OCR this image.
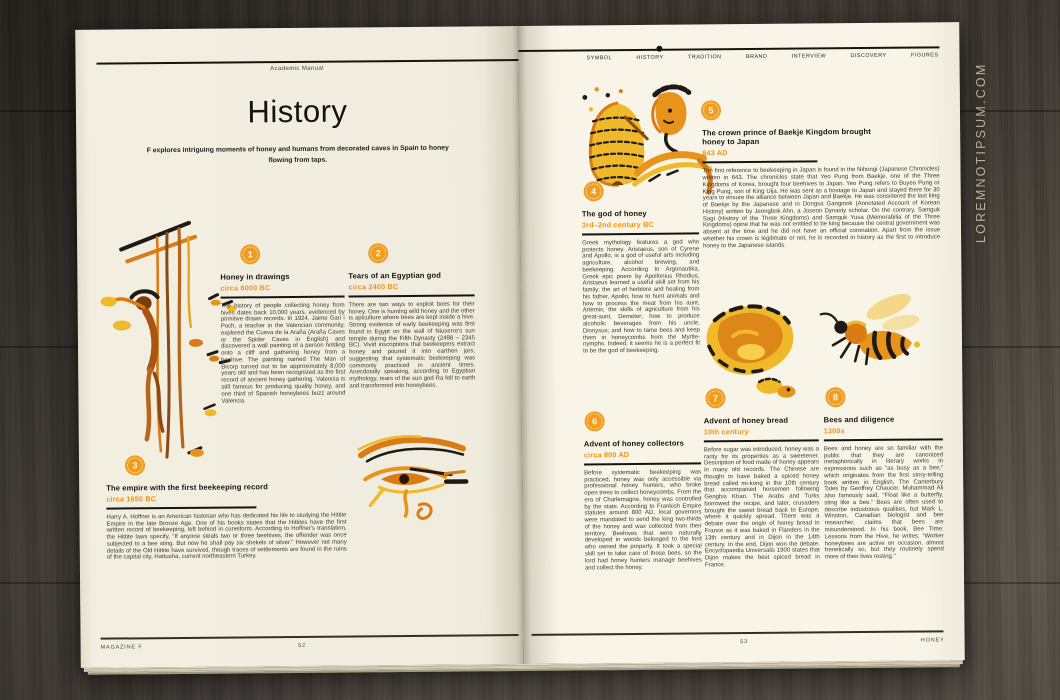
LOREMNOTIPSUM.COM
Academic Manual
History
F explores intriguing moments of honey and humans from decorated caves in Spain to honey flowing from taps.
1
Honey in drawings
circa 6000 BC
The history of people collecting honey from hives dates back 10,000 years, evidenced by primitive drawn records. In 1924, Jaime Garí i Poch, a teacher in the Valencian community, explored the Cueva de la Araña (Araña Caves or the Spider Caves in English) and discovered a wall painting of a person holding onto a cliff and gathering honey from a beehive. The painting named The Man of Bicorp turned out to be approximately 8,000 years old and has been recognized as the first record of ancient honey gathering. Valencia is still famous for producing quality honey, and one third of Spanish honeybees buzz around Valencia.
2
Tears of an Egyptian god
circa 2400 BC
There are two ways to exploit bees for their honey. One is hunting wild honey and the other is apiculture where bees are kept inside a hive. Strong evidence of early beekeeping was first found in Egypt on the wall of Niuserre's sun temple during the Fifth Dynasty (2498 – 2345 BC). Vivid inscriptions that beekeepers extract honey and poured it into earthen jars, suggesting that systematic beekeeping was commonly practiced in ancient times. Anecdotally speaking, according to Egyptian mythology, tears of the sun god Ra fell to earth and transformed into honeybees.
3
The empire with the first beekeeping record
circa 1650 BC
Harry A. Hoffner is an American historian who has dedicated his life to studying the Hittite Empire in the late Bronze Age. One of his books states that the Hittites have the first written record of beekeeping, left behind in cuneiform. According to Hoffner's translation, the Hittite laws specify, “If anyone steals two or three beehives, the offender was once subjected to a bee sting. But now he shall pay six shekels of silver.” However not many details of the Old Hittite have survived, though traces of settlements are found in the ruins of the capital city, Hattusha, current northeastern Turkey.
MAGAZINE F	52
SYMBOL	HISTORY	TRADITION	BRAND	INTERVIEW	DISCOVERY	FIGURES
5
The crown prince of Baekje Kingdom brought honey to Japan
643 AD
The first reference to beekeeping in Japan is found in the Nihongi (Japanese Chronicles) written in 643. The chronicles state that Yeo Pung from Baekje, one of the Three Kingdoms of Korea, brought four beehives to Japan. Yeo Pung refers to Buyeo Pung or King Pung, son of King Uija. He was sent as a hostage to Japan and stayed there for 30 years to ensure the alliance between Japan and Baekje. He was considered the last king of Baekje by the Japanese and in Dongsa Gangmok (Annotated Account of Korean History) written by Jeongbok Ahn, a Joseon Dynasty scholar. On the contrary, Samguk Sagi (History of the Three Kingdoms) and Samguk Yusa (Memorabilia of the Three Kingdoms) opine that he was not entitled to be king because the central government was absent at the time and he did not have an official coronation. Apart from the issue whether his crown is legitimate or not, he is recorded in history as the first to introduce honey to the Japanese islands.
4
The god of honey
3rd–2nd century BC
Greek mythology features a god who protects honey. Aristaeus, son of Cyrene and Apollo, is a god of useful arts including agriculture, alcohol brewing, and beekeeping. According to Argonautika, Greek epic poem by Apollonius Rhodius, Aristaeus learned a useful skill set from his family: the art of herblore and healing from his father, Apollo; how to hunt animals and how to process the meat from his aunt, Artemis; the skills of agriculture from his great-aunt, Demeter; how to produce alcoholic beverages from his uncle, Dionysus; and how to tame bees and keep them in honeycombs from the Myrtle-nymphs. Indeed, it seems he is a perfect fit to be the god of beekeeping.
6
Advent of honey collectors
circa 800 AD
Before systematic beekeeping was practiced, honey was only accessible via professional honey hunters, who broke open trees to collect honeycombs. From the era of Charlemagne, honey was controlled by the state. According to Frankish Empire statutes around 800 AD, local governors were mandated to send the king two-thirds of the honey and wax collected from their territory. Beehives that were naturally developed in woods belonged to the lord who owned the property. It took a special skill set to take care of those bees, so the lord had honey hunters manage beehives and collect the honey.
7
Advent of honey bread
10th century
Before sugar was introduced, honey was a rarity for its properties as a sweetener. Description of food made of honey appears in many old records. The Chinese are thought to have baked a spiced honey bread called mi-kong in the 10th century that accompanied horsemen following Genghis Khan. The Arabs and Turks borrowed the recipe, and later, crusaders brought the sweet bread back to Europe, where it quickly spread. There was a debate over the origin of honey bread in France as it was baked in Flanders in the 13th century and in Dijon in the 14th century. In the end, Dijon won the debate. Encyclopaedia Universalis 1900 states that Dijon makes the best spiced bread in France.
8
Bees and diligence
1300s
Bees and honey are so familiar with the public that they are canonized metaphorically in literary works in expressions such as “as busy as a bee,” which originates from the first story-telling book written in English, The Canterbury Tales by Geoffrey Chaucer. Muhammad Ali also famously said, “Float like a butterfly, sting like a bee.” Bees are often used to describe industrious qualities, but Mark L. Winston, Canadian biologist and bee researcher, claims that bees are misunderstood. In his book, Bee Time: Lessons from the Hive, he writes, “Worker honeybees are active on occasion, almost frenetically so, but they routinely spend more of their lives resting.”
53	HONEY
